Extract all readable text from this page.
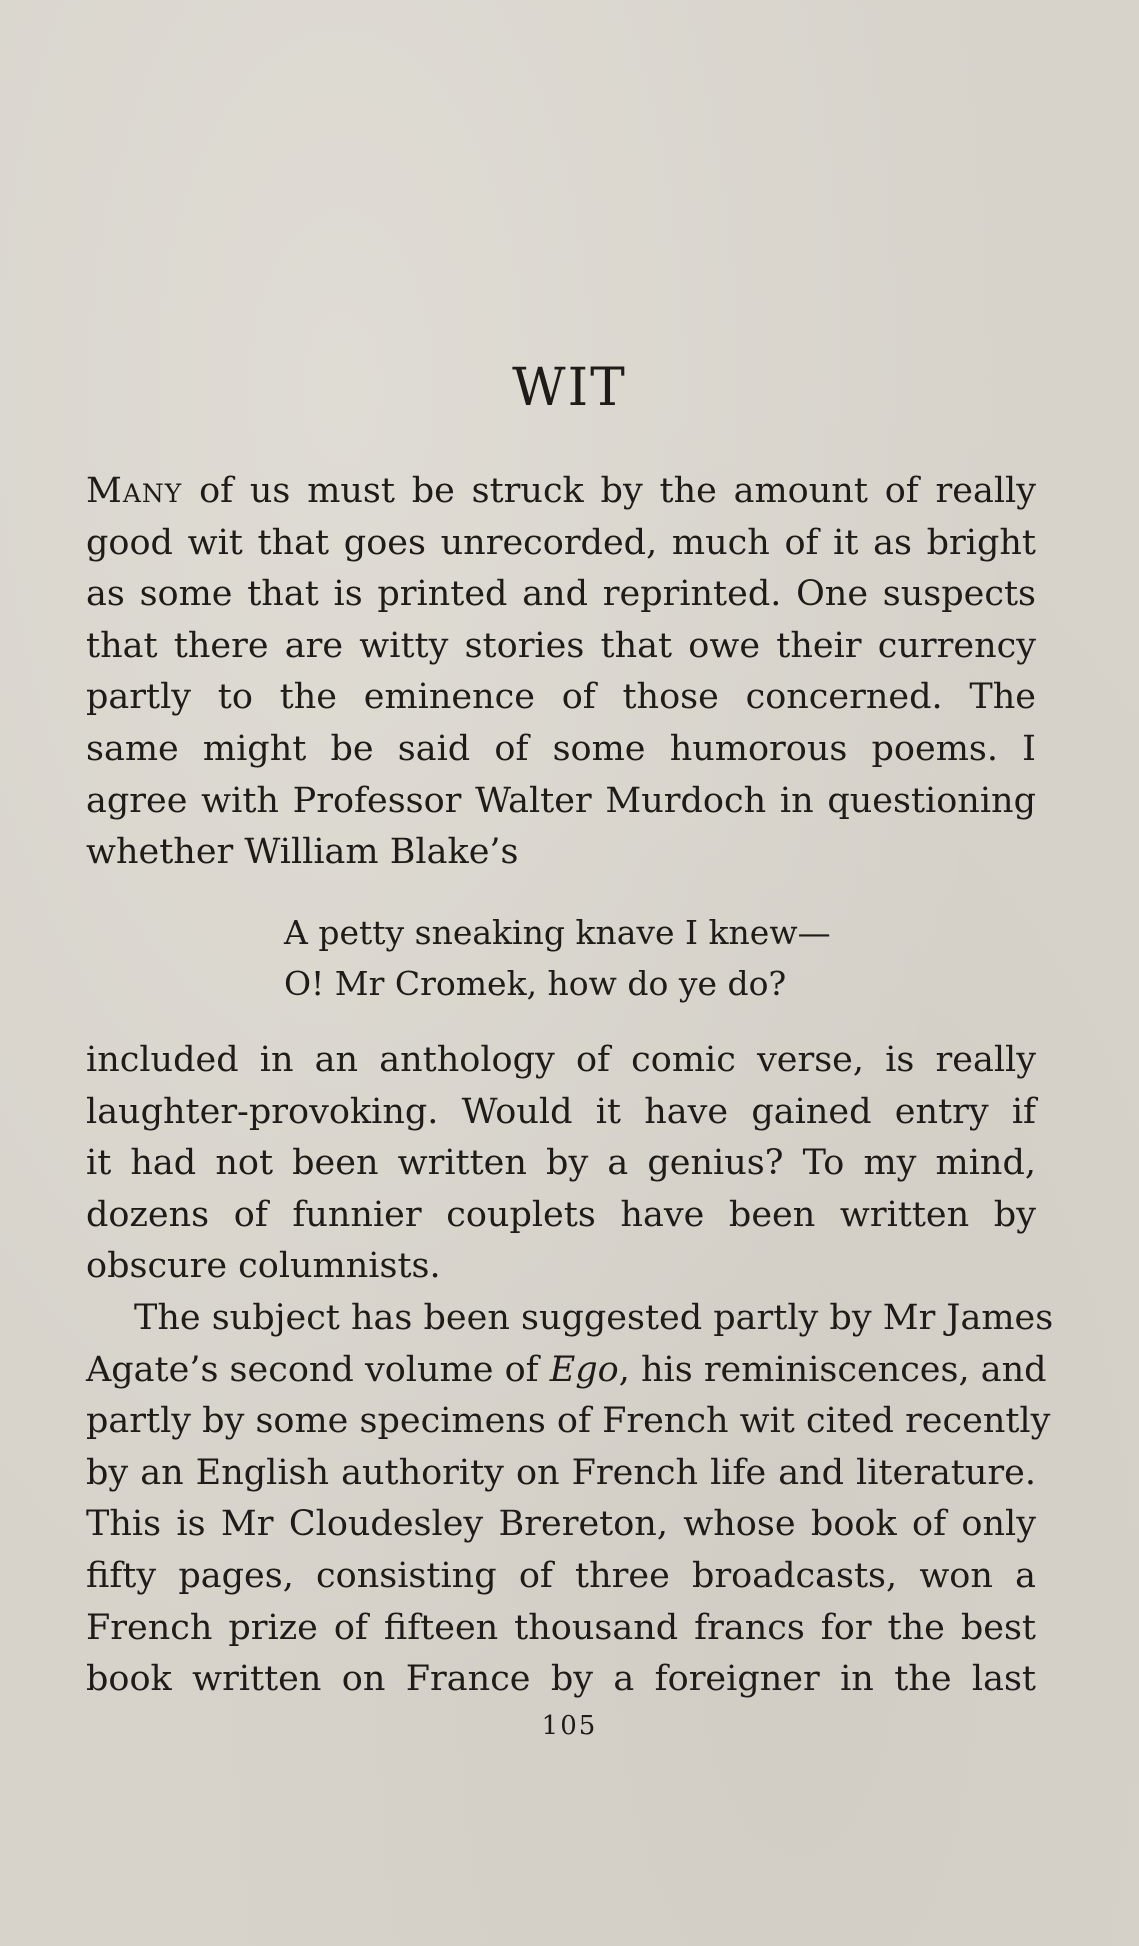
WIT
Many of us must be struck by the amount of really
good wit that goes unrecorded, much of it as bright
as some that is printed and reprinted. One suspects
that there are witty stories that owe their currency
partly to the eminence of those concerned. The
same might be said of some humorous poems. I
agree with Professor Walter Murdoch in questioning
whether William Blake’s
A petty sneaking knave I knew—
O! Mr Cromek, how do ye do?
included in an anthology of comic verse, is really
laughter-provoking. Would it have gained entry if
it had not been written by a genius? To my mind,
dozens of funnier couplets have been written by
obscure columnists.
The subject has been suggested partly by Mr James
Agate’s second volume of Ego, his reminiscences, and
partly by some specimens of French wit cited recently
by an English authority on French life and literature.
This is Mr Cloudesley Brereton, whose book of only
fifty pages, consisting of three broadcasts, won a
French prize of fifteen thousand francs for the best
book written on France by a foreigner in the last
105
